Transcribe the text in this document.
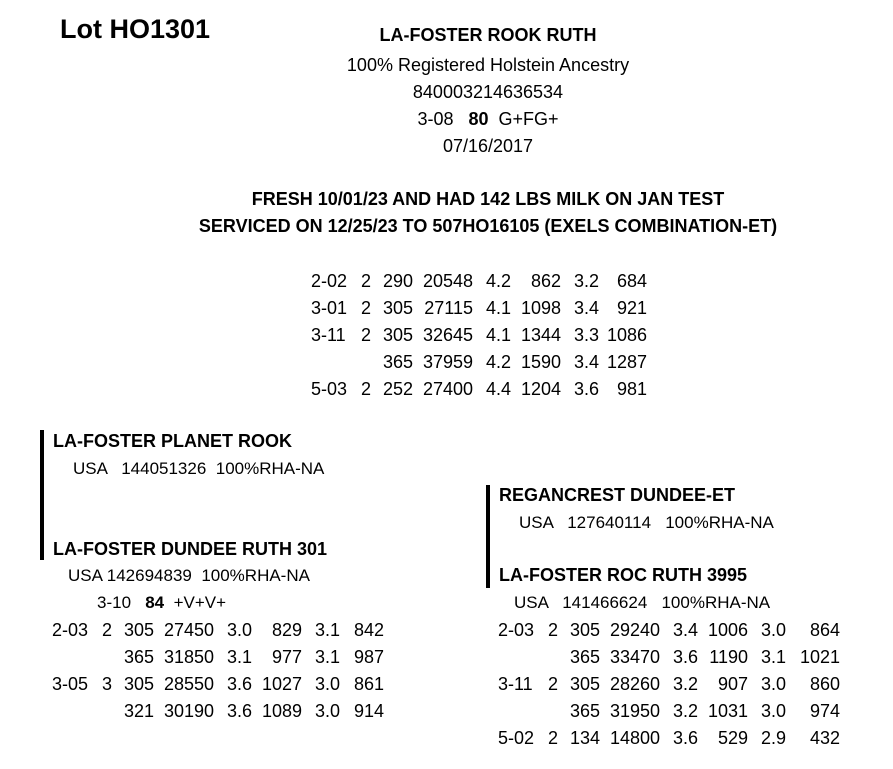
Lot HO1301	LA-FOSTER ROOK RUTH
100% Registered Holstein Ancestry
840003214636534
3-08 80 G+FG+
07/16/2017
FRESH 10/01/23 AND HAD 142 LBS MILK ON JAN TEST
SERVICED ON 12/25/23 TO 507HO16105 (EXELS COMBINATION-ET)
2-02	2	290	20548	4.2	862	3.2	684
3-01	2	305	27115	4.1	1098	3.4	921
3-11	2	305	32645	4.1	1344	3.3	1086
		365	37959	4.2	1590	3.4	1287
5-03	2	252	27400	4.4	1204	3.6	981
LA-FOSTER PLANET ROOK
USA 144051326 100%RHA-NA
LA-FOSTER DUNDEE RUTH 301
USA 142694839 100%RHA-NA
3-10 84 +V+V+
2-03	2	305	27450	3.0	829	3.1	842
		365	31850	3.1	977	3.1	987
3-05	3	305	28550	3.6	1027	3.0	861
		321	30190	3.6	1089	3.0	914
REGANCREST DUNDEE-ET
USA 127640114 100%RHA-NA
LA-FOSTER ROC RUTH 3995
USA 141466624 100%RHA-NA
2-03	2	305	29240	3.4	1006	3.0	864
		365	33470	3.6	1190	3.1	1021
3-11	2	305	28260	3.2	907	3.0	860
		365	31950	3.2	1031	3.0	974
5-02	2	134	14800	3.6	529	2.9	432
